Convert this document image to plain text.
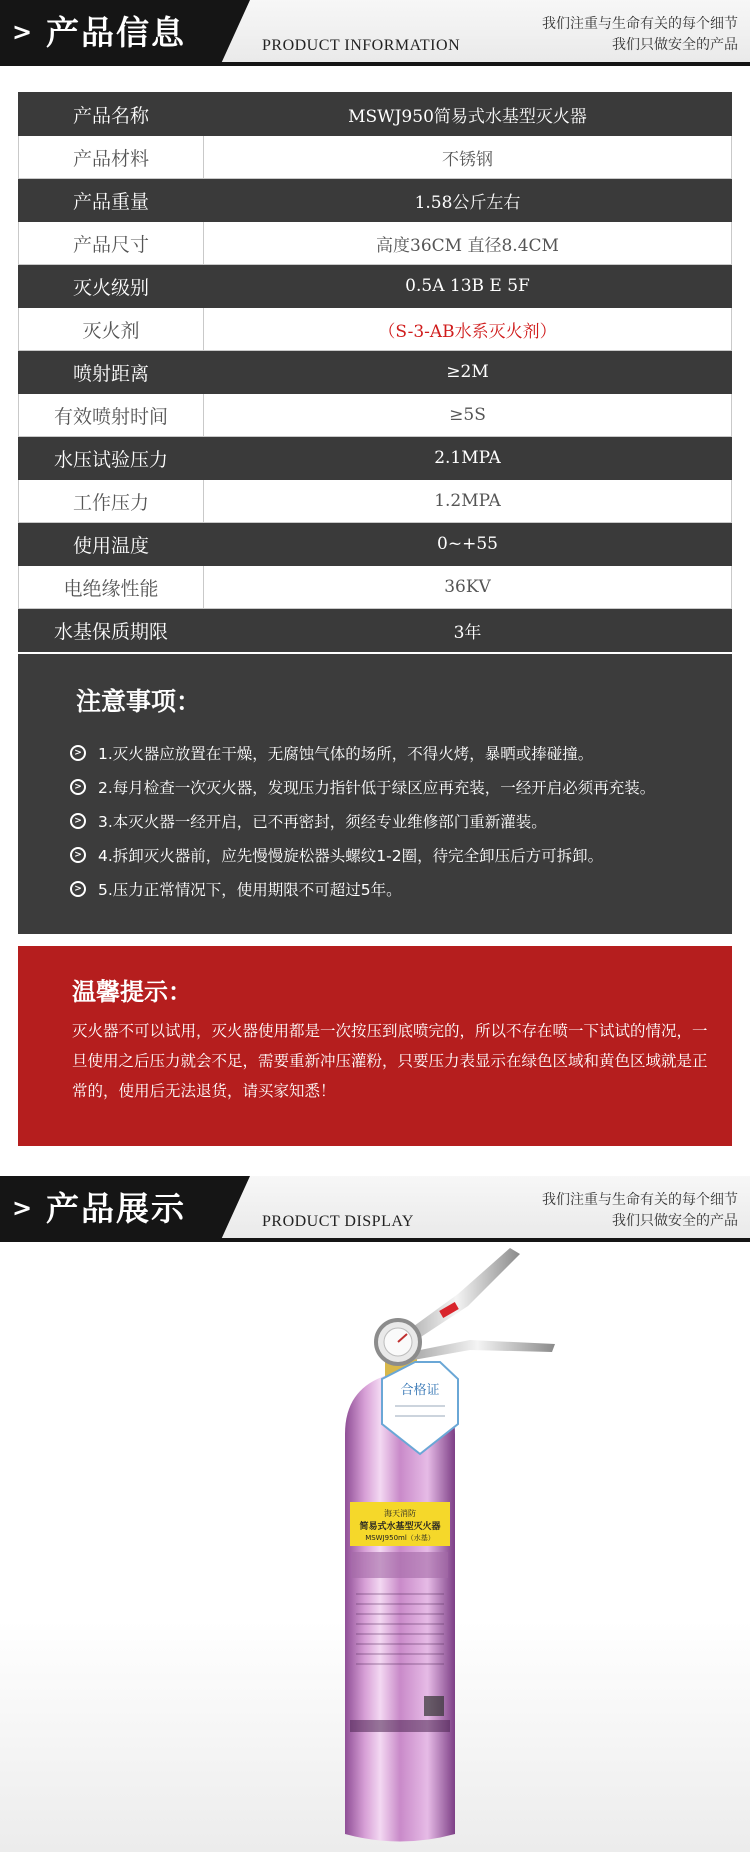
> 产品信息	PRODUCT INFORMATION
我们注重与生命有关的每个细节
我们只做安全的产品
产品名称	MSWJ950简易式水基型灭火器
产品材料	不锈钢
产品重量	1.58公斤左右
产品尺寸	高度36CM 直径8.4CM
灭火级别	0.5A 13B E 5F
灭火剂	（S-3-AB水系灭火剂）
喷射距离	≥2M
有效喷射时间	≥5S
水压试验压力	2.1MPA
工作压力	1.2MPA
使用温度	0~+55
电绝缘性能	36KV
水基保质期限	3年
注意事项：
> 1.灭火器应放置在干燥，无腐蚀气体的场所，不得火烤，暴晒或捧碰撞。
> 2.每月检查一次灭火器，发现压力指针低于绿区应再充装，一经开启必须再充装。
> 3.本灭火器一经开启，已不再密封，须经专业维修部门重新灌装。
> 4.拆卸灭火器前，应先慢慢旋松器头螺纹1-2圈，待完全卸压后方可拆卸。
> 5.压力正常情况下，使用期限不可超过5年。
温馨提示：

灭火器不可以试用，灭火器使用都是一次按压到底喷完的，所以不存在喷一下试试的情况，一旦使用之后压力就会不足，需要重新冲压灌粉，只要压力表显示在绿色区域和黄色区域就是正常的，使用后无法退货，请买家知悉！

> 产品展示	PRODUCT DISPLAY
我们注重与生命有关的每个细节
我们只做安全的产品
合格证
海天消防
简易式水基型灭火器
MSWJ950ml（水基）
